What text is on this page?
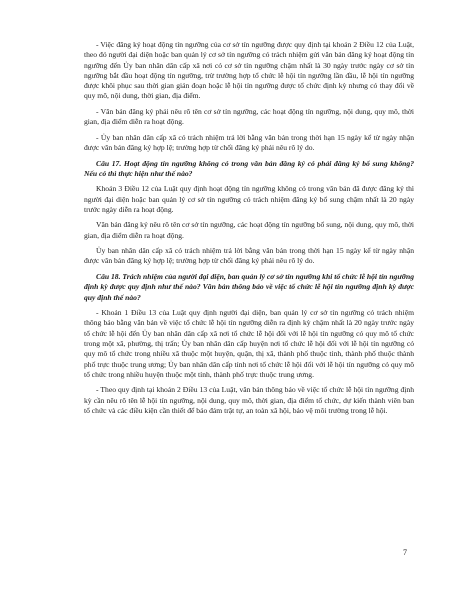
- Việc đăng ký hoạt động tín ngưỡng của cơ sở tín ngưỡng được quy định tại khoản 2 Điều 12 của Luật, theo đó người đại diện hoặc ban quản lý cơ sở tín ngưỡng có trách nhiệm gửi văn bản đăng ký hoạt động tín ngưỡng đến Ủy ban nhân dân cấp xã nơi có cơ sở tín ngưỡng chậm nhất là 30 ngày trước ngày cơ sở tín ngưỡng bắt đầu hoạt động tín ngưỡng, trừ trường hợp tổ chức lễ hội tín ngưỡng lần đầu, lễ hội tín ngưỡng được khôi phục sau thời gian gián đoạn hoặc lễ hội tín ngưỡng được tổ chức định kỳ nhưng có thay đổi về quy mô, nội dung, thời gian, địa điểm.

- Văn bản đăng ký phải nêu rõ tên cơ sở tín ngưỡng, các hoạt động tín ngưỡng, nội dung, quy mô, thời gian, địa điểm diễn ra hoạt động.

- Ủy ban nhân dân cấp xã có trách nhiệm trả lời bằng văn bản trong thời hạn 15 ngày kể từ ngày nhận được văn bản đăng ký hợp lệ; trường hợp từ chối đăng ký phải nêu rõ lý do.

Câu 17. Hoạt động tín ngưỡng không có trong văn bản đăng ký có phải đăng ký bổ sung không? Nếu có thì thực hiện như thế nào?

Khoản 3 Điều 12 của Luật quy định hoạt động tín ngưỡng không có trong văn bản đã được đăng ký thì người đại diện hoặc ban quản lý cơ sở tín ngưỡng có trách nhiệm đăng ký bổ sung chậm nhất là 20 ngày trước ngày diễn ra hoạt động.

Văn bản đăng ký nêu rõ tên cơ sở tín ngưỡng, các hoạt động tín ngưỡng bổ sung, nội dung, quy mô, thời gian, địa điểm diễn ra hoạt động.

Ủy ban nhân dân cấp xã có trách nhiệm trả lời bằng văn bản trong thời hạn 15 ngày kể từ ngày nhận được văn bản đăng ký hợp lệ; trường hợp từ chối đăng ký phải nêu rõ lý do.

Câu 18. Trách nhiệm của người đại diện, ban quản lý cơ sở tín ngưỡng khi tổ chức lễ hội tín ngưỡng định kỳ được quy định như thế nào? Văn bản thông báo về việc tổ chức lễ hội tín ngưỡng định kỳ được quy định thế nào?

- Khoản 1 Điều 13 của Luật quy định người đại diện, ban quản lý cơ sở tín ngưỡng có trách nhiệm thông báo bằng văn bản về việc tổ chức lễ hội tín ngưỡng diễn ra định kỳ chậm nhất là 20 ngày trước ngày tổ chức lễ hội đến Ủy ban nhân dân cấp xã nơi tổ chức lễ hội đối với lễ hội tín ngưỡng có quy mô tổ chức trong một xã, phường, thị trấn; Ủy ban nhân dân cấp huyện nơi tổ chức lễ hội đối với lễ hội tín ngưỡng có quy mô tổ chức trong nhiều xã thuộc một huyện, quận, thị xã, thành phố thuộc tỉnh, thành phố thuộc thành phố trực thuộc trung ương; Ủy ban nhân dân cấp tỉnh nơi tổ chức lễ hội đối với lễ hội tín ngưỡng có quy mô tổ chức trong nhiều huyện thuộc một tỉnh, thành phố trực thuộc trung ương.

- Theo quy định tại khoản 2 Điều 13 của Luật, văn bản thông báo về việc tổ chức lễ hội tín ngưỡng định kỳ cần nêu rõ tên lễ hội tín ngưỡng, nội dung, quy mô, thời gian, địa điểm tổ chức, dự kiến thành viên ban tổ chức và các điều kiện cần thiết để bảo đảm trật tự, an toàn xã hội, bảo vệ môi trường trong lễ hội.

7
